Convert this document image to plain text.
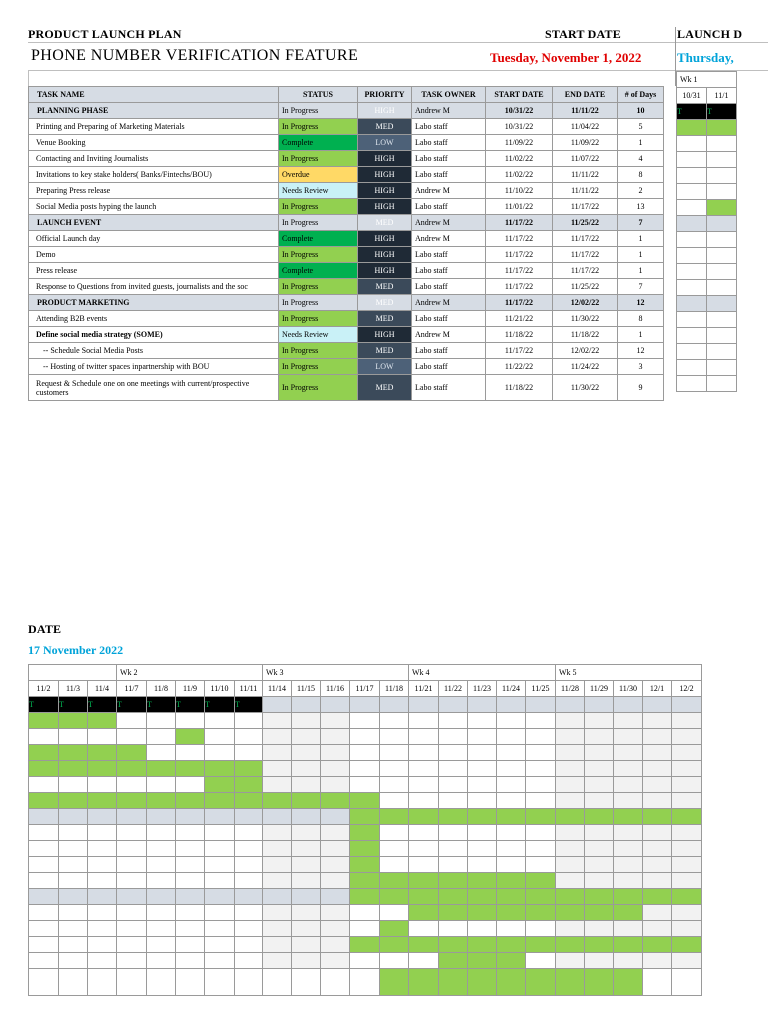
PRODUCT LAUNCH PLAN	START DATE	LAUNCH D
PHONE NUMBER VERIFICATION FEATURE	Tuesday, November 1, 2022	Thursday,
TASK NAME	STATUS	PRIORITY	TASK OWNER	START DATE	END DATE	# of Days
PLANNING PHASE	In Progress	HIGH	Andrew M	10/31/22	11/11/22	10
Printing and Preparing of Marketing Materials	In Progress	MED	Labo staff	10/31/22	11/04/22	5
Venue Booking	Complete	LOW	Labo staff	11/09/22	11/09/22	1
Contacting and Inviting Journalists	In Progress	HIGH	Labo staff	11/02/22	11/07/22	4
Invitations to key stake holders( Banks/Fintechs/BOU)	Overdue	HIGH	Labo staff	11/02/22	11/11/22	8
Preparing Press release	Needs Review	HIGH	Andrew M	11/10/22	11/11/22	2
Social Media posts hyping the launch	In Progress	HIGH	Labo staff	11/01/22	11/17/22	13
LAUNCH EVENT	In Progress	MED	Andrew M	11/17/22	11/25/22	7
Official Launch day	Complete	HIGH	Andrew M	11/17/22	11/17/22	1
Demo	In Progress	HIGH	Labo staff	11/17/22	11/17/22	1
Press release	Complete	HIGH	Labo staff	11/17/22	11/17/22	1
Response to Questions from invited guests, journalists and the soc	In Progress	MED	Labo staff	11/17/22	11/25/22	7
PRODUCT MARKETING	In Progress	MED	Andrew M	11/17/22	12/02/22	12
Attending B2B events	In Progress	MED	Labo staff	11/21/22	11/30/22	8
Define social media strategy (SOME)	Needs Review	HIGH	Andrew M	11/18/22	11/18/22	1
-- Schedule Social Media Posts	In Progress	MED	Labo staff	11/17/22	12/02/22	12
-- Hosting of twitter spaces inpartnership with BOU	In Progress	LOW	Labo staff	11/22/22	11/24/22	3
Request & Schedule one on one meetings with current/prospective customers	In Progress	MED	Labo staff	11/18/22	11/30/22	9
Wk 1	
10/31	11/1
T	T

DATE
17 November 2022
			Wk 2					Wk 3					Wk 4					Wk 5				
11/2	11/3	11/4	11/7	11/8	11/9	11/10	11/11	11/14	11/15	11/16	11/17	11/18	11/21	11/22	11/23	11/24	11/25	11/28	11/29	11/30	12/1	12/2
T	T	T	T	T	T	T	T															
